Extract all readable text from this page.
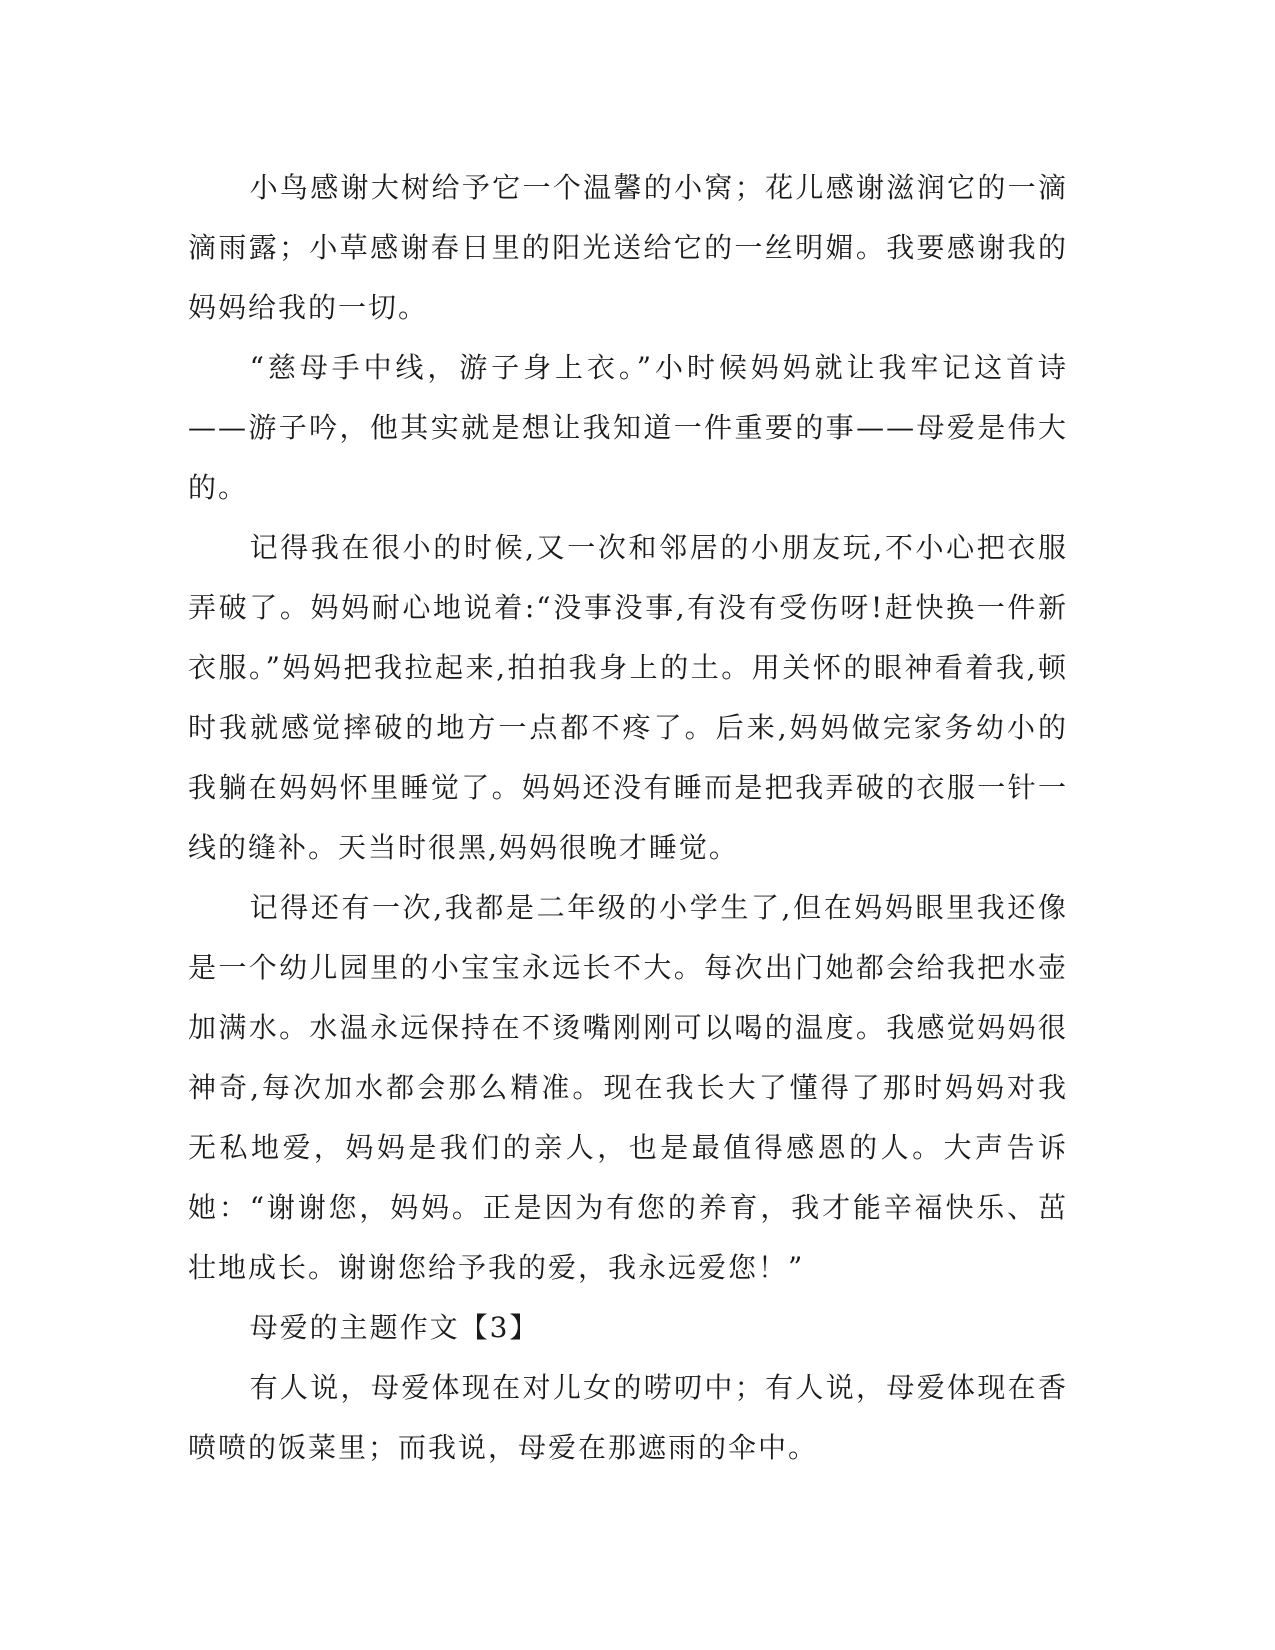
小鸟感谢大树给予它一个温馨的小窝；花儿感谢滋润它的一滴滴雨露；小草感谢春日里的阳光送给它的一丝明媚。我要感谢我的妈妈给我的一切。

“慈母手中线，游子身上衣。”小时候妈妈就让我牢记这首诗——游子吟，他其实就是想让我知道一件重要的事——母爱是伟大的。

记得我在很小的时候,又一次和邻居的小朋友玩,不小心把衣服弄破了。妈妈耐心地说着:“没事没事,有没有受伤呀!赶快换一件新衣服。”妈妈把我拉起来,拍拍我身上的土。用关怀的眼神看着我,顿时我就感觉摔破的地方一点都不疼了。后来,妈妈做完家务幼小的我躺在妈妈怀里睡觉了。妈妈还没有睡而是把我弄破的衣服一针一线的缝补。天当时很黑,妈妈很晚才睡觉。

记得还有一次,我都是二年级的小学生了,但在妈妈眼里我还像是一个幼儿园里的小宝宝永远长不大。每次出门她都会给我把水壶加满水。水温永远保持在不烫嘴刚刚可以喝的温度。我感觉妈妈很神奇,每次加水都会那么精准。现在我长大了懂得了那时妈妈对我无私地爱，妈妈是我们的亲人，也是最值得感恩的人。大声告诉她：“谢谢您，妈妈。正是因为有您的养育，我才能辛福快乐、茁壮地成长。谢谢您给予我的爱，我永远爱您！”

母爱的主题作文【3】

有人说，母爱体现在对儿女的唠叨中；有人说，母爱体现在香喷喷的饭菜里；而我说，母爱在那遮雨的伞中。
